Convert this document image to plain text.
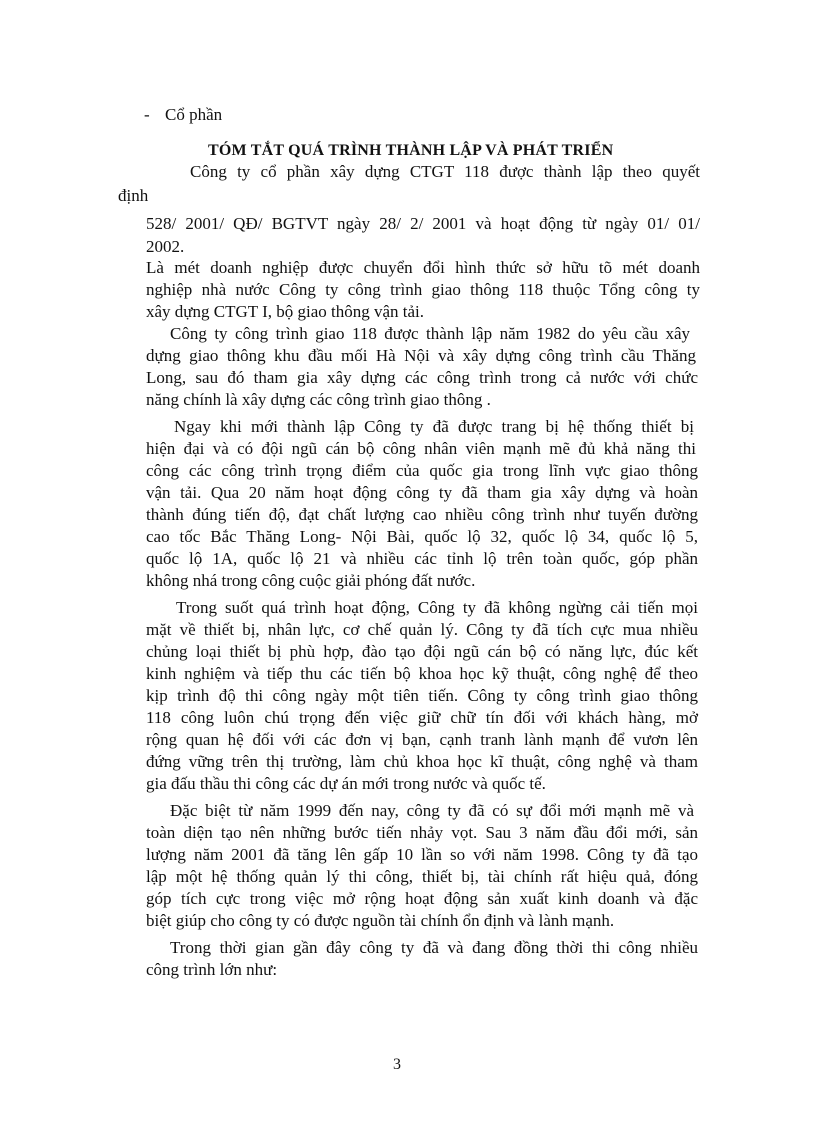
- Cổ phần
TÓM TẮT QUÁ TRÌNH THÀNH LẬP VÀ PHÁT TRIỂN
Công ty cổ phần xây dựng CTGT 118 được thành lập theo quyết
định
528/ 2001/ QĐ/ BGTVT ngày 28/ 2/ 2001 và hoạt động từ ngày 01/ 01/
2002.
Là mét doanh nghiệp được chuyển đổi hình thức sở hữu tõ mét doanh
nghiệp nhà nước Công ty công trình giao thông 118 thuộc Tổng công ty
xây dựng CTGT I, bộ giao thông vận tải.
Công ty công trình giao 118 được thành lập năm 1982 do yêu cầu xây
dựng giao thông khu đầu mối Hà Nội và xây dựng công trình cầu Thăng
Long, sau đó tham gia xây dựng các công trình trong cả nước với chức
năng chính là xây dựng các công trình giao thông .
Ngay khi mới thành lập Công ty đã được trang bị hệ thống thiết bị
hiện đại và có đội ngũ cán bộ công nhân viên mạnh mẽ đủ khả năng thi
công các công trình trọng điểm của quốc gia trong lĩnh vực giao thông
vận tải. Qua 20 năm hoạt động công ty đã tham gia xây dựng và hoàn
thành đúng tiến độ, đạt chất lượng cao nhiều công trình như tuyến đường
cao tốc Bắc Thăng Long- Nội Bài, quốc lộ 32, quốc lộ 34, quốc lộ 5,
quốc lộ 1A, quốc lộ 21 và nhiều các tỉnh lộ trên toàn quốc, góp phần
không nhá trong công cuộc giải phóng đất nước.
Trong suốt quá trình hoạt động, Công ty đã không ngừng cải tiến mọi
mặt về thiết bị, nhân lực, cơ chế quản lý. Công ty đã tích cực mua nhiều
chủng loại thiết bị phù hợp, đào tạo đội ngũ cán bộ có năng lực, đúc kết
kinh nghiệm và tiếp thu các tiến bộ khoa học kỹ thuật, công nghệ để theo
kịp trình độ thi công ngày một tiên tiến. Công ty công trình giao thông
118 công luôn chú trọng đến việc giữ chữ tín đối với khách hàng, mở
rộng quan hệ đối với các đơn vị bạn, cạnh tranh lành mạnh để vươn lên
đứng vững trên thị trường, làm chủ khoa học kĩ thuật, công nghệ và tham
gia đấu thầu thi công các dự án mới trong nước và quốc tế.
Đặc biệt từ năm 1999 đến nay, công ty đã có sự đổi mới mạnh mẽ và
toàn diện tạo nên những bước tiến nhảy vọt. Sau 3 năm đầu đổi mới, sản
lượng năm 2001 đã tăng lên gấp 10 lần so với năm 1998. Công ty đã tạo
lập một hệ thống quản lý thi công, thiết bị, tài chính rất hiệu quả, đóng
góp tích cực trong việc mở rộng hoạt động sản xuất kinh doanh và đặc
biệt giúp cho công ty có được nguồn tài chính ổn định và lành mạnh.
Trong thời gian gần đây công ty đã và đang đồng thời thi công nhiều
công trình lớn như:
3
